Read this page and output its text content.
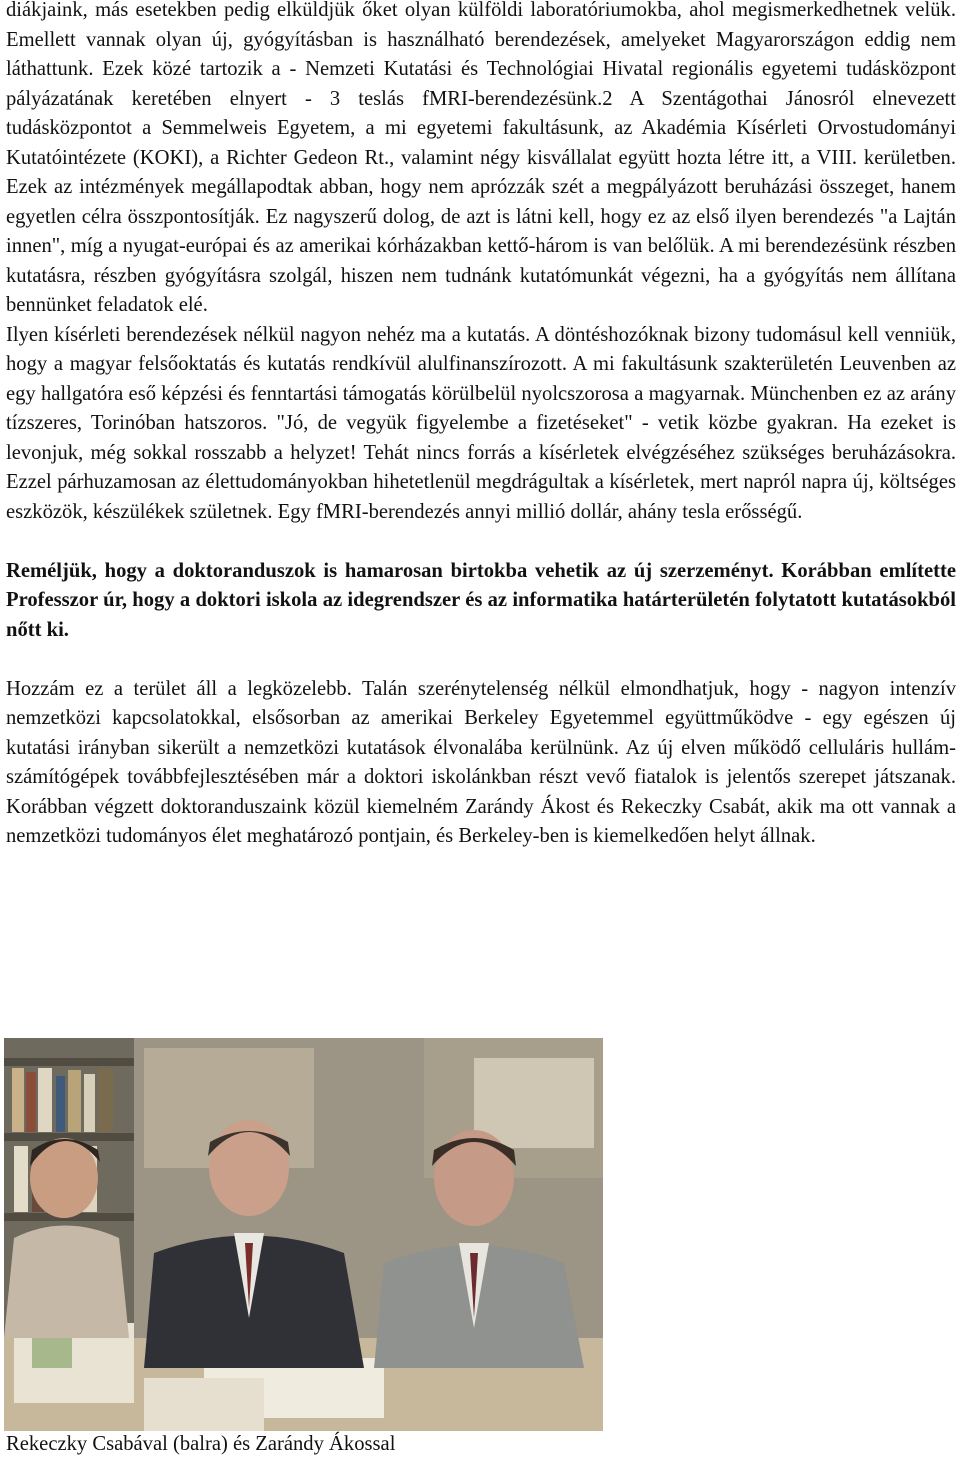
diákjaink, más esetekben pedig elküldjük őket olyan külföldi laboratóriumokba, ahol megismerkedhetnek velük. Emellett vannak olyan új, gyógyításban is használható berendezések, amelyeket Magyarországon eddig nem láthattunk. Ezek közé tartozik a - Nemzeti Kutatási és Technológiai Hivatal regionális egyetemi tudásközpont pályázatának keretében elnyert - 3 teslás fMRI-berendezésünk.2 A Szentágothai Jánosról elnevezett tudásközpontot a Semmelweis Egyetem, a mi egyetemi fakultásunk, az Akadémia Kísérleti Orvostudományi Kutatóintézete (KOKI), a Richter Gedeon Rt., valamint négy kisvállalat együtt hozta létre itt, a VIII. kerületben. Ezek az intézmények megállapodtak abban, hogy nem aprózzák szét a megpályázott beruházási összeget, hanem egyetlen célra összpontosítják. Ez nagyszerű dolog, de azt is látni kell, hogy ez az első ilyen berendezés "a Lajtán innen", míg a nyugat-európai és az amerikai kórházakban kettő-három is van belőlük. A mi berendezésünk részben kutatásra, részben gyógyításra szolgál, hiszen nem tudnánk kutatómunkát végezni, ha a gyógyítás nem állítana bennünket feladatok elé.

Ilyen kísérleti berendezések nélkül nagyon nehéz ma a kutatás. A döntéshozóknak bizony tudomásul kell venniük, hogy a magyar felsőoktatás és kutatás rendkívül alulfinanszírozott. A mi fakultásunk szakterületén Leuvenben az egy hallgatóra eső képzési és fenntartási támogatás körülbelül nyolcszorosa a magyarnak. Münchenben ez az arány tízszeres, Torinóban hatszoros. "Jó, de vegyük figyelembe a fizetéseket" - vetik közbe gyakran. Ha ezeket is levonjuk, még sokkal rosszabb a helyzet! Tehát nincs forrás a kísérletek elvégzéséhez szükséges beruházásokra. Ezzel párhuzamosan az élettudományokban hihetetlenül megdrágultak a kísérletek, mert napról napra új, költséges eszközök, készülékek születnek. Egy fMRI-berendezés annyi millió dollár, ahány tesla erősségű.

Reméljük, hogy a doktoranduszok is hamarosan birtokba vehetik az új szerzeményt. Korábban említette Professzor úr, hogy a doktori iskola az idegrendszer és az informatika határterületén folytatott kutatásokból nőtt ki.

Hozzám ez a terület áll a legközelebb. Talán szerénytelenség nélkül elmondhatjuk, hogy - nagyon intenzív nemzetközi kapcsolatokkal, elsősorban az amerikai Berkeley Egyetemmel együttműködve - egy egészen új kutatási irányban sikerült a nemzetközi kutatások élvonalába kerülnünk. Az új elven működő celluláris hullám-számítógépek továbbfejlesztésében már a doktori iskolánkban részt vevő fiatalok is jelentős szerepet játszanak. Korábban végzett doktoranduszaink közül kiemelném Zarándy Ákost és Rekeczky Csabát, akik ma ott vannak a nemzetközi tudományos élet meghatározó pontjain, és Berkeley-ben is kiemelkedően helyt állnak.

Rekeczky Csabával (balra) és Zarándy Ákossal
